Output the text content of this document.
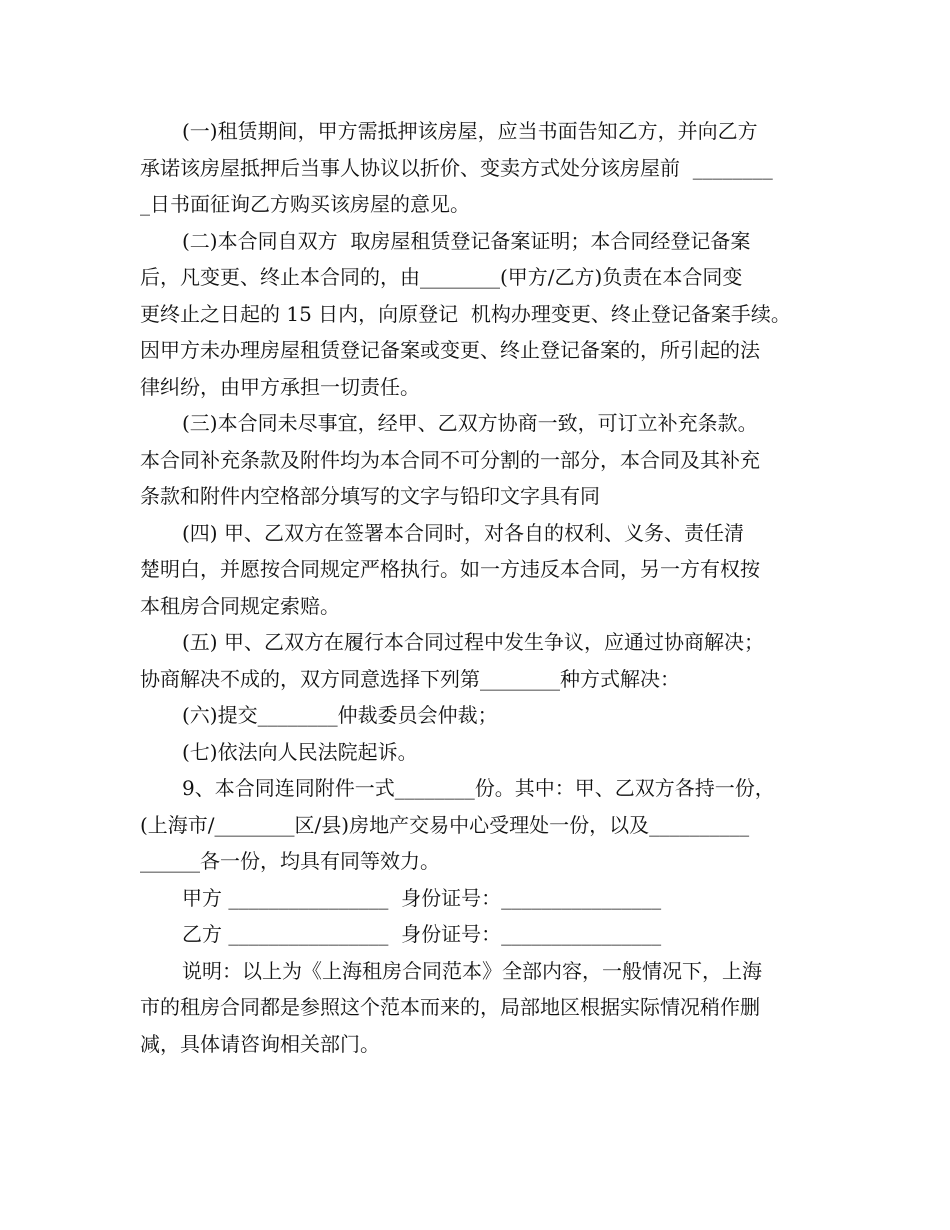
(一)租赁期间，甲方需抵押该房屋，应当书面告知乙方，并向乙方
承诺该房屋抵押后当事人协议以折价、变卖方式处分该房屋前  ________
_日书面征询乙方购买该房屋的意见。
(二)本合同自双方  取房屋租赁登记备案证明；本合同经登记备案
后，凡变更、终止本合同的，由________(甲方/乙方)负责在本合同变
更终止之日起的 15 日内，向原登记  机构办理变更、终止登记备案手续。
因甲方未办理房屋租赁登记备案或变更、终止登记备案的，所引起的法
律纠纷，由甲方承担一切责任。
(三)本合同未尽事宜，经甲、乙双方协商一致，可订立补充条款。
本合同补充条款及附件均为本合同不可分割的一部分，本合同及其补充
条款和附件内空格部分填写的文字与铅印文字具有同
(四) 甲、乙双方在签署本合同时，对各自的权利、义务、责任清
楚明白，并愿按合同规定严格执行。如一方违反本合同，另一方有权按
本租房合同规定索赔。
(五) 甲、乙双方在履行本合同过程中发生争议，应通过协商解决；
协商解决不成的，双方同意选择下列第________种方式解决：
(六)提交________仲裁委员会仲裁；
(七)依法向人民法院起诉。
9、本合同连同附件一式________份。其中：甲、乙双方各持一份，
(上海市/________区/县)房地产交易中心受理处一份，以及__________
______各一份，均具有同等效力。
甲方 ________________  身份证号：________________
乙方 ________________  身份证号：________________
说明：以上为《上海租房合同范本》全部内容，一般情况下，上海
市的租房合同都是参照这个范本而来的，局部地区根据实际情况稍作删
减，具体请咨询相关部门。
